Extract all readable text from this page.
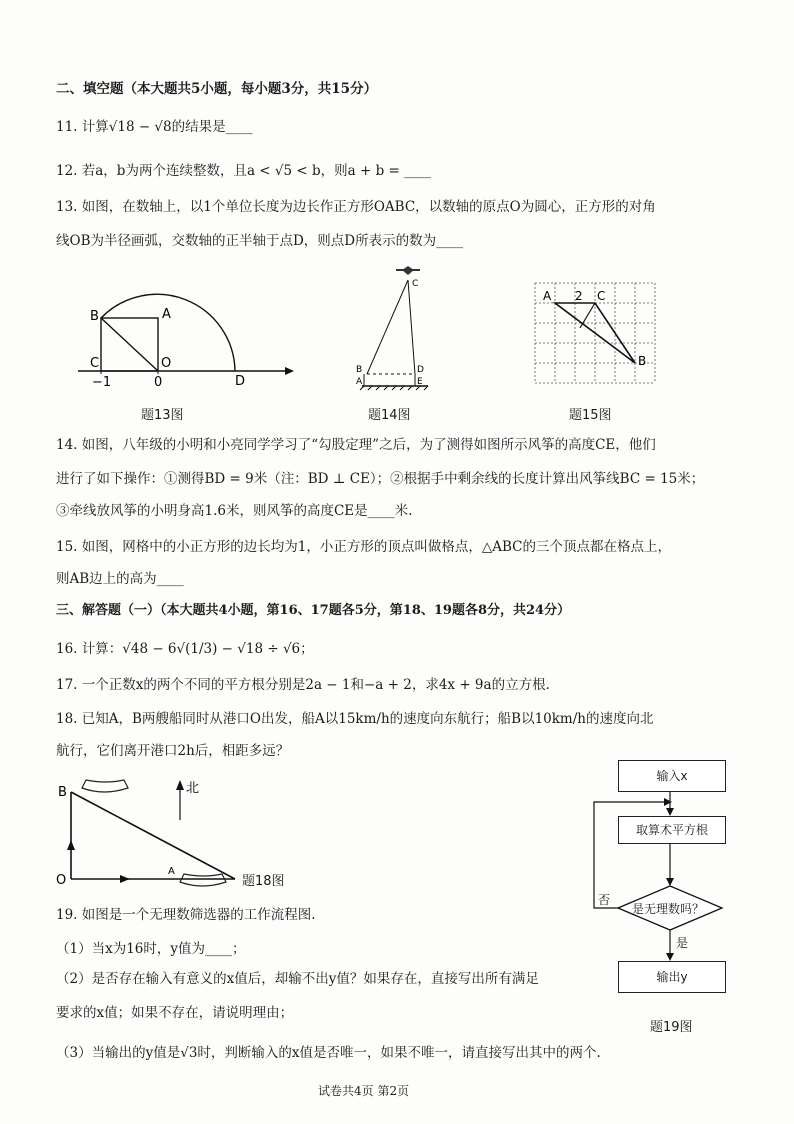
二、填空题（本大题共5小题，每小题3分，共15分）
11. 计算√18 − √8的结果是____
12. 若a，b为两个连续整数，且a < √5 < b，则a + b = ____
13. 如图，在数轴上，以1个单位长度为边长作正方形OABC，以数轴的原点O为圆心，正方形的对角
线OB为半径画弧，交数轴的正半轴于点D，则点D所表示的数为____
B	A
C	O
D
−1	0
题13图
C
B	D
A	E
题14图
A 2 C
B
题15图
14. 如图，八年级的小明和小亮同学学习了“勾股定理”之后，为了测得如图所示风筝的高度CE，他们
进行了如下操作：①测得BD = 9米（注：BD ⊥ CE）；②根据手中剩余线的长度计算出风筝线BC = 15米；
③牵线放风筝的小明身高1.6米，则风筝的高度CE是____米.
15. 如图，网格中的小正方形的边长均为1，小正方形的顶点叫做格点，△ABC的三个顶点都在格点上，
则AB边上的高为____
三、解答题（一）（本大题共4小题，第16、17题各5分，第18、19题各8分，共24分）
16. 计算：√48 − 6√(1/3) − √18 ÷ √6；
17. 一个正数x的两个不同的平方根分别是2a − 1和−a + 2，求4x + 9a的立方根.
18. 已知A，B两艘船同时从港口O出发，船A以15km/h的速度向东航行；船B以10km/h的速度向北
航行，它们离开港口2h后，相距多远？
B
O
A
北
题18图
输入x
取算术平方根
是无理数吗？
输出y
否
是
题19图
19. 如图是一个无理数筛选器的工作流程图.
（1）当x为16时，y值为____；
（2）是否存在输入有意义的x值后，却输不出y值？如果存在，直接写出所有满足
要求的x值；如果不存在，请说明理由；
（3）当输出的y值是√3时，判断输入的x值是否唯一，如果不唯一，请直接写出其中的两个.
试卷共4页 第2页
